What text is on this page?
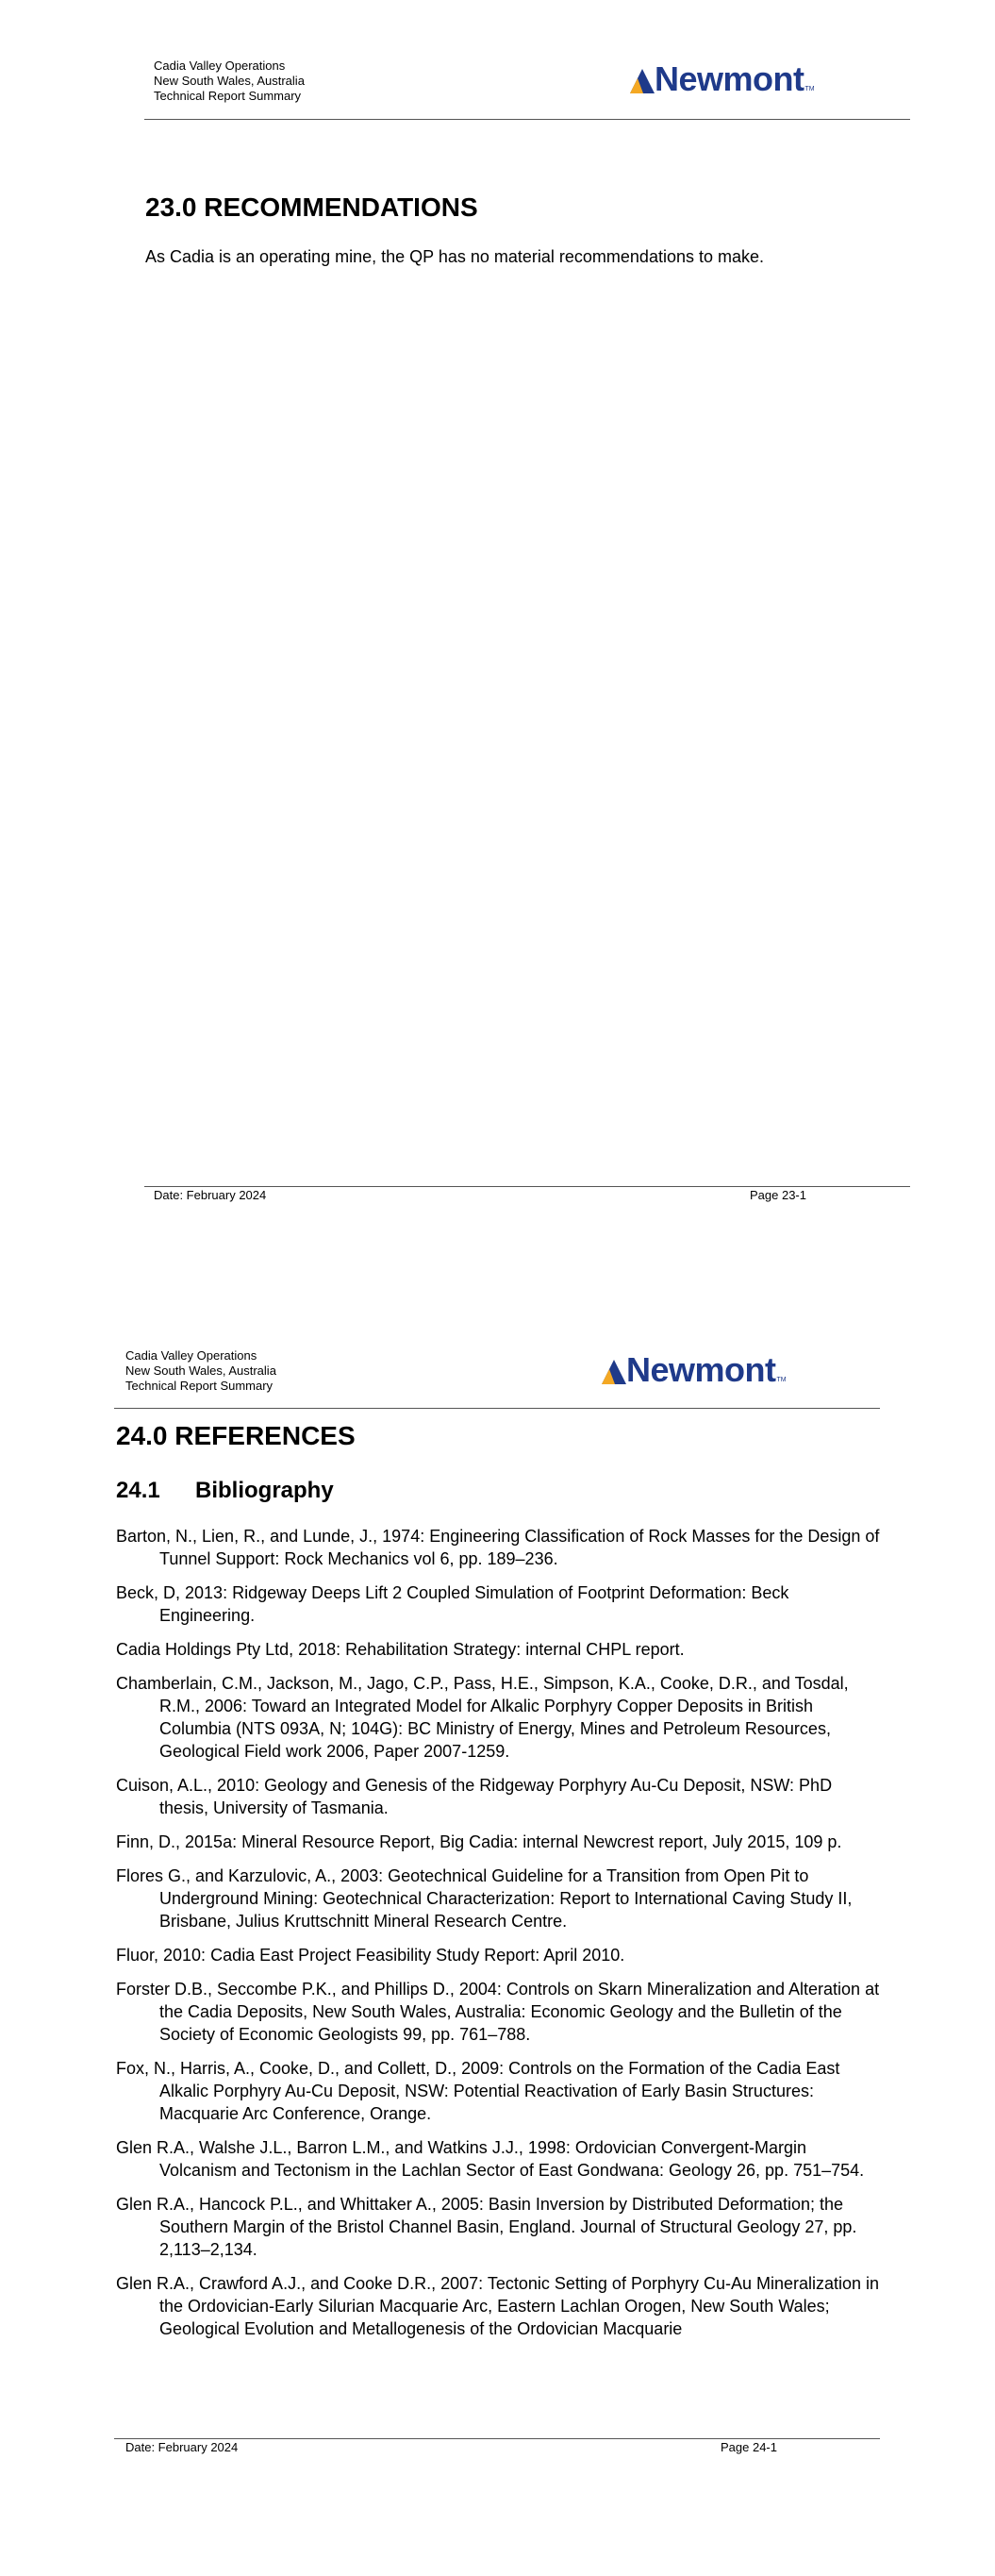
Cadia Valley Operations
New South Wales, Australia
Technical Report Summary	Newmont TM
23.0 RECOMMENDATIONS
As Cadia is an operating mine, the QP has no material recommendations to make.
Date: February 2024	Page 23-1
Cadia Valley Operations
New South Wales, Australia
Technical Report Summary	Newmont TM
24.0 REFERENCES
24.1 Bibliography

Barton, N., Lien, R., and Lunde, J., 1974: Engineering Classification of Rock Masses for the Design of Tunnel Support: Rock Mechanics vol 6, pp. 189–236.

Beck, D, 2013: Ridgeway Deeps Lift 2 Coupled Simulation of Footprint Deformation: Beck Engineering.

Cadia Holdings Pty Ltd, 2018: Rehabilitation Strategy: internal CHPL report.

Chamberlain, C.M., Jackson, M., Jago, C.P., Pass, H.E., Simpson, K.A., Cooke, D.R., and Tosdal, R.M., 2006: Toward an Integrated Model for Alkalic Porphyry Copper Deposits in British Columbia (NTS 093A, N; 104G): BC Ministry of Energy, Mines and Petroleum Resources, Geological Field work 2006, Paper 2007-1259.

Cuison, A.L., 2010: Geology and Genesis of the Ridgeway Porphyry Au-Cu Deposit, NSW: PhD thesis, University of Tasmania.

Finn, D., 2015a: Mineral Resource Report, Big Cadia: internal Newcrest report, July 2015, 109 p.

Flores G., and Karzulovic, A., 2003: Geotechnical Guideline for a Transition from Open Pit to Underground Mining: Geotechnical Characterization: Report to International Caving Study II, Brisbane, Julius Kruttschnitt Mineral Research Centre.

Fluor, 2010: Cadia East Project Feasibility Study Report: April 2010.

Forster D.B., Seccombe P.K., and Phillips D., 2004: Controls on Skarn Mineralization and Alteration at the Cadia Deposits, New South Wales, Australia: Economic Geology and the Bulletin of the Society of Economic Geologists 99, pp. 761–788.

Fox, N., Harris, A., Cooke, D., and Collett, D., 2009: Controls on the Formation of the Cadia East Alkalic Porphyry Au-Cu Deposit, NSW: Potential Reactivation of Early Basin Structures: Macquarie Arc Conference, Orange.

Glen R.A., Walshe J.L., Barron L.M., and Watkins J.J., 1998: Ordovician Convergent-Margin Volcanism and Tectonism in the Lachlan Sector of East Gondwana: Geology 26, pp. 751–754.

Glen R.A., Hancock P.L., and Whittaker A., 2005: Basin Inversion by Distributed Deformation; the Southern Margin of the Bristol Channel Basin, England. Journal of Structural Geology 27, pp. 2,113–2,134.

Glen R.A., Crawford A.J., and Cooke D.R., 2007: Tectonic Setting of Porphyry Cu-Au Mineralization in the Ordovician-Early Silurian Macquarie Arc, Eastern Lachlan Orogen, New South Wales; Geological Evolution and Metallogenesis of the Ordovician Macquarie

Date: February 2024	Page 24-1
